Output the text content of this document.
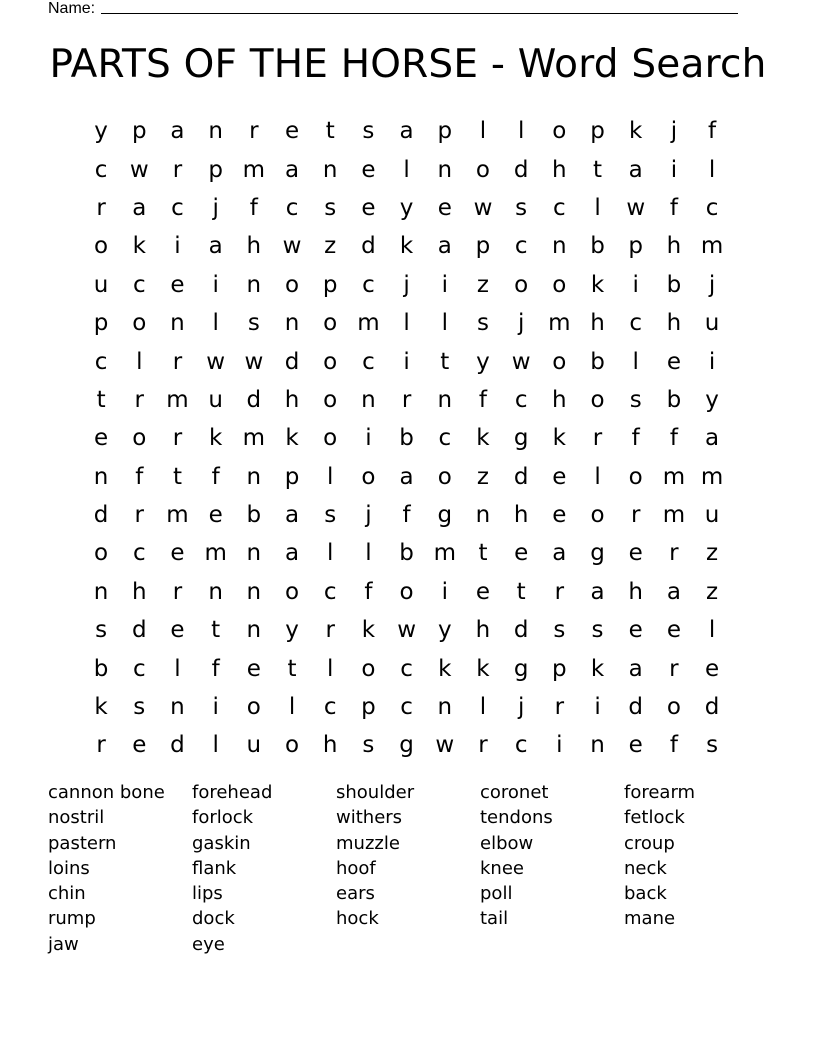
Name:
PARTS OF THE HORSE - Word Search
y	p	a	n	r	e	t	s	a	p	l	l	o	p	k	j	f
c w	r	p m a	n	e	l	n	o	d	h	t	a	i	l
r	a	c	j	f	c	s	e	y	e w s	c	l	w	f	c
o	k	i	a	h w z	d	k	a	p	c	n	b	p	h m
u	c	e	i	n	o	p	c	j	i	z	o	o	k	i	b	j
p	o	n	l	s	n	o m	l	l	s	j	m h	c	h	u
c	l	r	w w d	o	c	i	t	y w o	b	l	e	i
t	r m u	d	h	o	n	r	n	f	c	h	o	s	b	y
e	o	r	k m k	o	i	b	c	k	g	k	r	f	f	a
n	f	t	f	n	p	l	o	a	o	z	d	e	l	o m m
d	r m e	b	a	s	j	f	g	n	h	e	o	r m u
o	c	e m n	a	l	l	b m t	e	a	g	e	r	z
n	h	r	n	n	o	c	f	o	i	e	t	r	a	h	a	z
s	d	e	t	n	y	r	k w y	h	d	s	s	e	e	l
b	c	l	f	e	t	l	o	c	k	k	g	p	k	a	r	e
k	s	n	i	o	l	c	p	c	n	l	j	r	i	d	o	d
r	e	d	l	u	o	h	s	g w	r	c	i	n	e	f	s
cannon bone	forehead	shoulder	coronet	forearm
nostril	forlock	withers	tendons	fetlock
pastern	gaskin	muzzle	elbow	croup
loins	flank	hoof	knee	neck
chin	lips	ears	poll	back
rump	dock	hock	tail	mane
jaw	eye
